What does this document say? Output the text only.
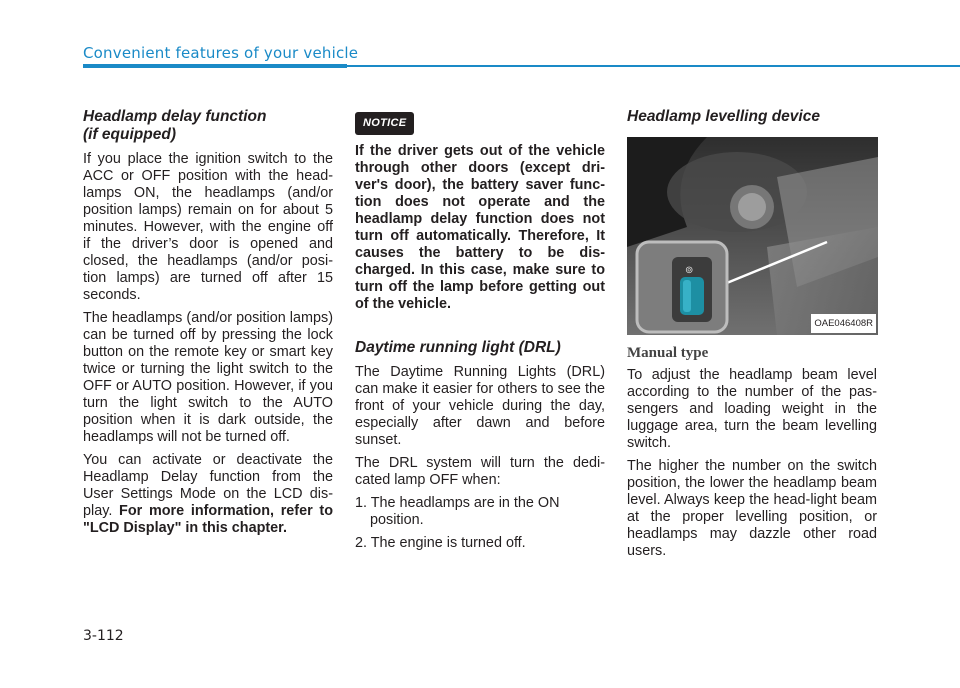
Convenient features of your vehicle
Headlamp delay function
(if equipped)

If you place the ignition switch to the ACC or OFF position with the head-lamps ON, the headlamps (and/or position lamps) remain on for about 5 minutes. However, with the engine off if the driver’s door is opened and closed, the headlamps (and/or posi-tion lamps) are turned off after 15 seconds.

The headlamps (and/or position lamps) can be turned off by pressing the lock button on the remote key or smart key twice or turning the light switch to the OFF or AUTO position. However, if you turn the light switch to the AUTO position when it is dark outside, the headlamps will not be turned off.

You can activate or deactivate the Headlamp Delay function from the User Settings Mode on the LCD dis-play. For more information, refer to "LCD Display" in this chapter.

NOTICE

If the driver gets out of the vehicle through other doors (except dri-ver's door), the battery saver func-tion does not operate and the headlamp delay function does not turn off automatically. Therefore, It causes the battery to be dis-charged. In this case, make sure to turn off the lamp before getting out of the vehicle.

Daytime running light (DRL)

The Daytime Running Lights (DRL) can make it easier for others to see the front of your vehicle during the day, especially after dawn and before sunset.

The DRL system will turn the dedi-cated lamp OFF when:

1. The headlamps are in the ON position.
2. The engine is turned off.
Headlamp levelling device
⊚
OAE046408R
Manual type

To adjust the headlamp beam level according to the number of the pas-sengers and loading weight in the luggage area, turn the beam levelling switch.

The higher the number on the switch position, the lower the headlamp beam level. Always keep the head-light beam at the proper levelling position, or headlamps may dazzle other road users.

3-112
